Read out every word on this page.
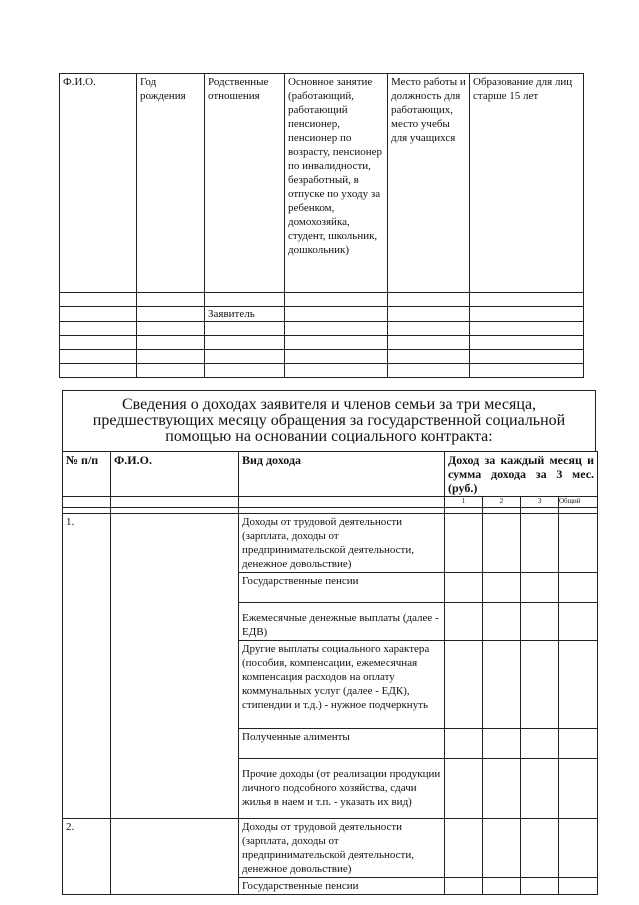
Ф.И.О.	Год рождения	Родственные отношения	Основное занятие (работающий, работающий пенсионер, пенсионер по возрасту, пенсионер по инвалидности, безработный, в отпуске по уходу за ребенком, домохозяйка, студент, школьник, дошкольник)	Место работы и должность для работающих, место учебы для учащихся	Образование для лиц старше 15 лет

		Заявитель			

Сведения о доходах заявителя и членов семьи за три месяца, предшествующих месяцу обращения за государственной социальной помощью на основании социального контракта:
№ п/п	Ф.И.О.	Вид дохода	Доход за каждый месяц и сумма дохода за 3 мес. (руб.)			
			1	2	3	Общий

1.		Доходы от трудовой деятельности (зарплата, доходы от предпринимательской деятельности, денежное довольствие)				
		Государственные пенсии				
		Ежемесячные денежные выплаты (далее - ЕДВ)				
		Другие выплаты социального характера (пособия, компенсации, ежемесячная компенсация расходов на оплату коммунальных услуг (далее - ЕДК), стипендии и т.д.) - нужное подчеркнуть				
		Полученные алименты				
		Прочие доходы (от реализации продукции личного подсобного хозяйства, сдачи жилья в наем и т.п. - указать их вид)				
2.		Доходы от трудовой деятельности (зарплата, доходы от предпринимательской деятельности, денежное довольствие)				
		Государственные пенсии				
